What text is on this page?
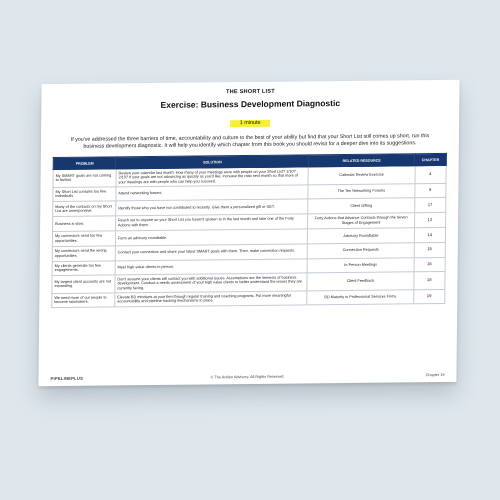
THE SHORT LIST
Exercise: Business Development Diagnostic
1 minute
If you've addressed the three barriers of time, accountability and culture to the best of your ability but find that your Short List still comes up short, run this business development diagnostic. It will help you identify which chapter from this book you should revisit for a deeper dive into its suggestions.
PROBLEM	SOLUTION	RELATED RESOURCE	CHAPTER
My SMART goals are not coming to fruition.	Review your calendar last month. How many of your meetings were with people on your Short List? 1/10? 2/10? If your goals are not advancing as quickly as you'd like, increase the ratio next month so that more of your meetings are with people who can help you succeed.	Calendar Review Exercise	4
My Short List contains too few individuals.	Attend networking forums.	The Ten Networking Forums	9
Many of the contacts on my Short List are unresponsive.	Identify those who you have not contributed to recently. Give them a personalized gift or GET.	Client Gifting	17
Business is slow.	Reach out to anyone on your Short List you haven't spoken to in the last month and take one of the Forty Actions with them.	Forty Actions that Advance Contacts through the Seven Stages of Engagement	13
My connectors send too few opportunities.	Form an advisory roundtable.	Advisory Roundtable	14
My connectors send the wrong opportunities.	Contact your connectors and share your latest SMART goals with them. Then, make connection requests.	Connection Requests	15
My clients generate too few engagements.	Meet high-value clients in person.	In-Person Meetings	16
My largest client accounts are not expanding.	Don't assume your clients will contact you with additional issues. Assumptions are the nemesis of business development. Conduct a needs assessment of your high value clients to better understand the issues they are currently facing.	Client Feedback	18
We need more of our people to become rainmakers.	Elevate BD mindsets at your firm through regular training and coaching programs. Put more meaningful accountability and pipeline tracking mechanisms in place.	BD Maturity in Professional Services Firms	19
© The Acklen Advisory. All Rights Reserved.
PIPELINEPLUS
Chapter 19
